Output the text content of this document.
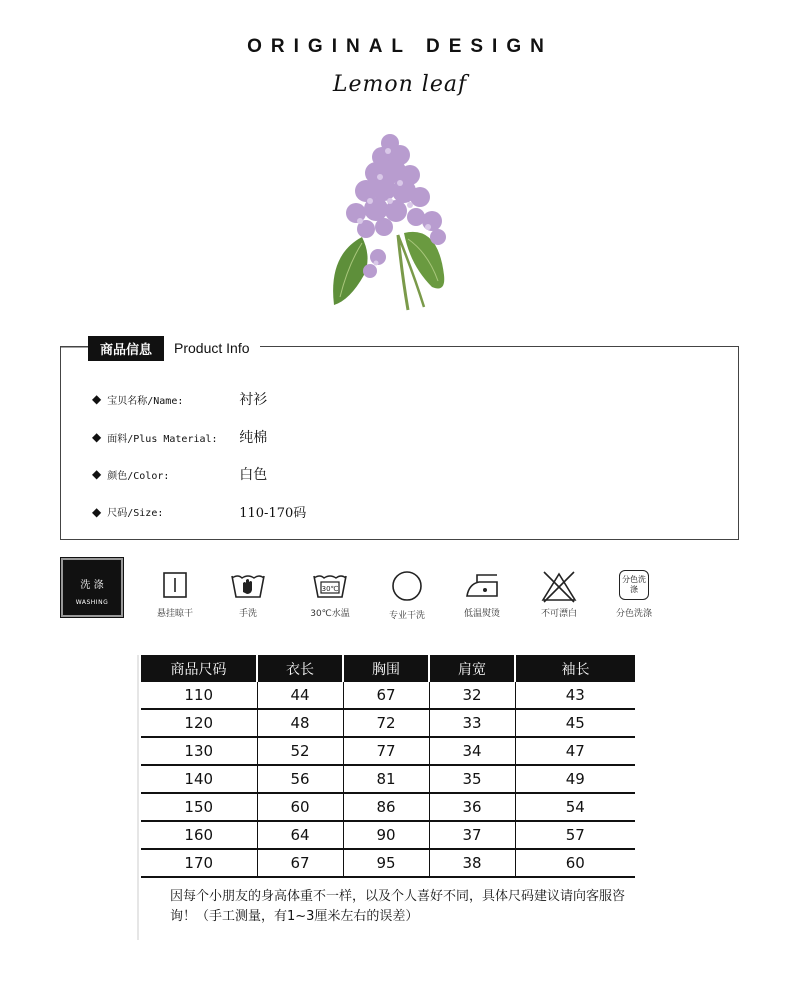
ORIGINAL DESIGN
Lemon leaf
商品信息	Product Info
◆ 宝贝名称/Name:	衬衫
◆ 面料/Plus Material:	纯棉
◆ 颜色/Color:	白色
◆ 尺码/Size:	110-170码
洗 涤
WASHING
悬挂晾干	手洗
30℃
30℃水温	专业干洗	低温熨烫	不可漂白
分色洗涤
分色洗涤
商品尺码	衣长	胸围	肩宽	袖长
110	44	67	32	43
120	48	72	33	45
130	52	77	34	47
140	56	81	35	49
150	60	86	36	54
160	64	90	37	57
170	67	95	38	60
因每个小朋友的身高体重不一样，以及个人喜好不同，具体尺码建议请向客服咨询！（手工测量，有1~3厘米左右的误差）
